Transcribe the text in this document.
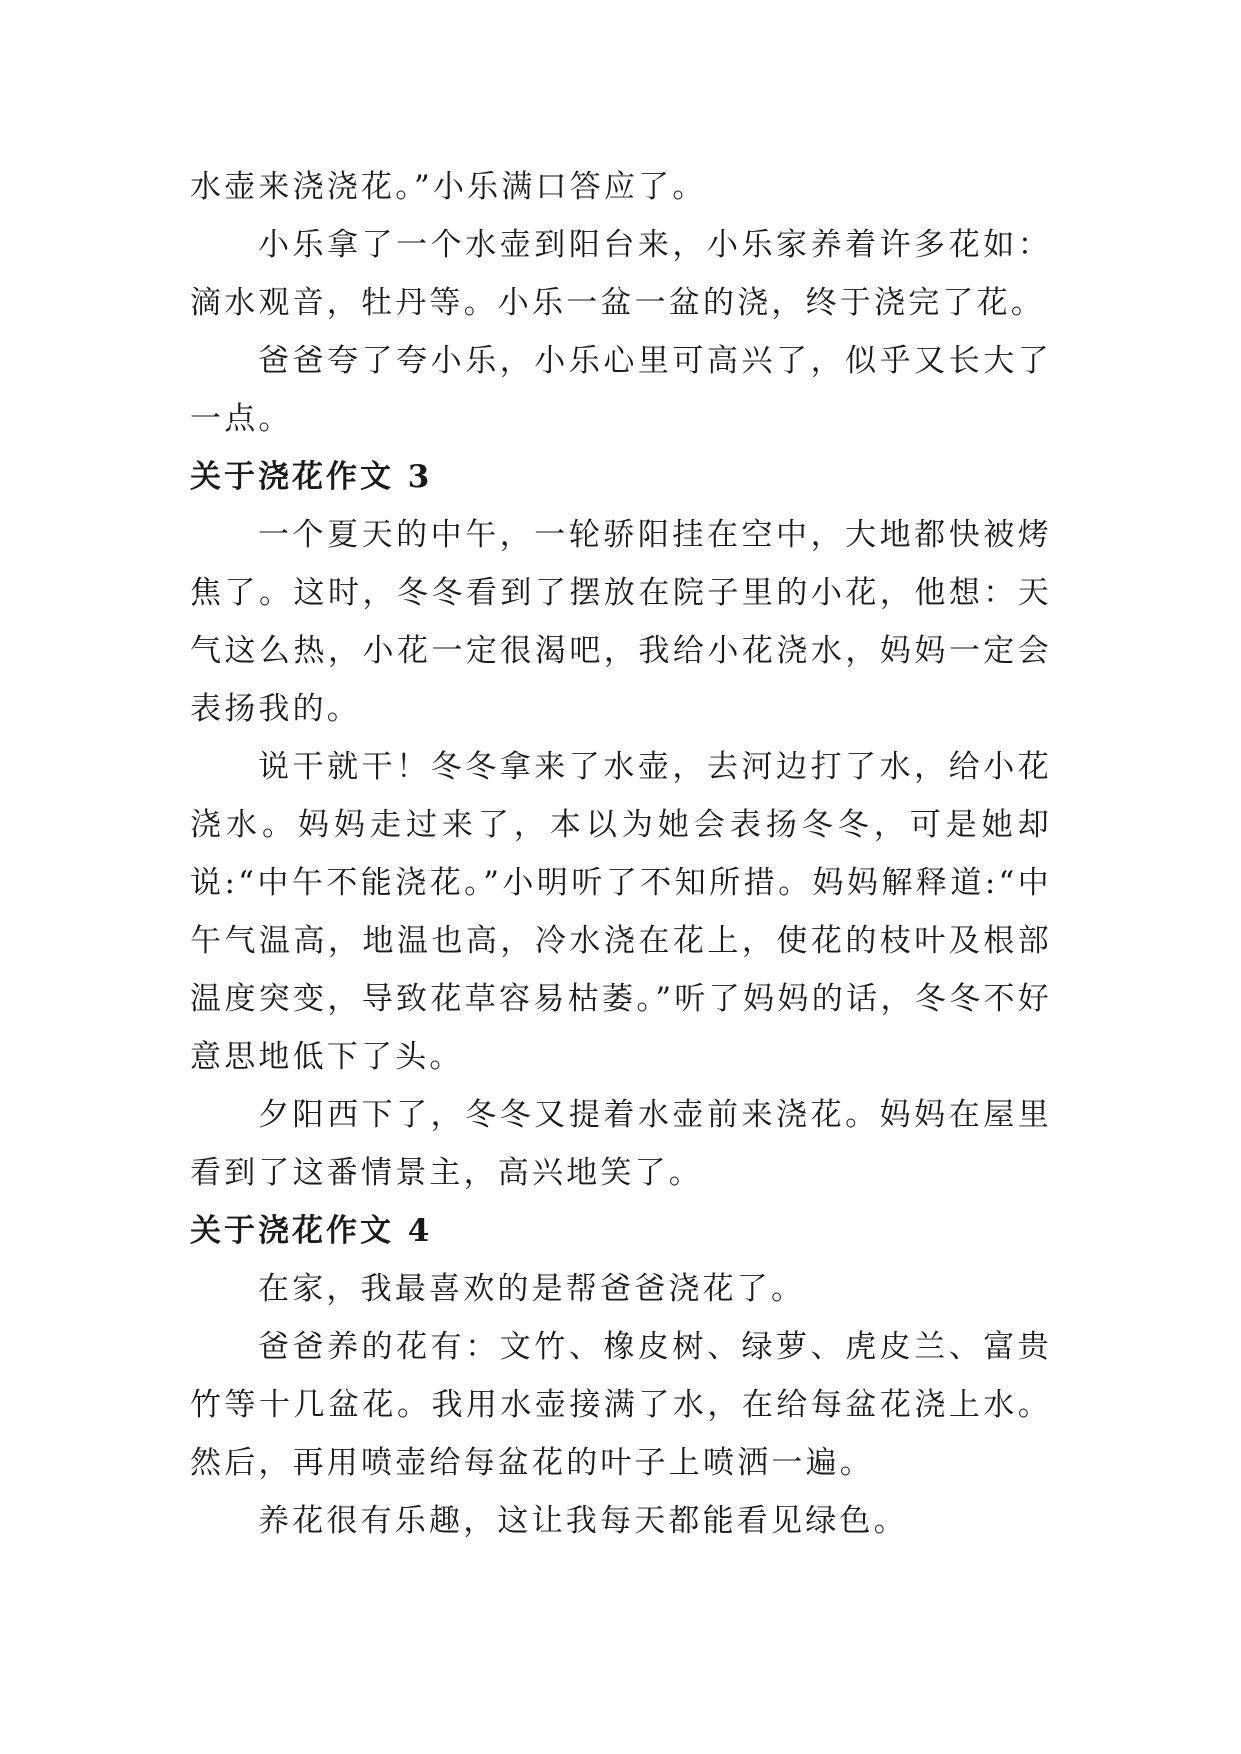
水壶来浇浇花。”小乐满口答应了。

小乐拿了一个水壶到阳台来，小乐家养着许多花如：滴水观音，牡丹等。小乐一盆一盆的浇，终于浇完了花。

爸爸夸了夸小乐，小乐心里可高兴了，似乎又长大了一点。

关于浇花作文 3

一个夏天的中午，一轮骄阳挂在空中，大地都快被烤焦了。这时，冬冬看到了摆放在院子里的小花，他想：天气这么热，小花一定很渴吧，我给小花浇水，妈妈一定会表扬我的。

说干就干！冬冬拿来了水壶，去河边打了水，给小花浇水。妈妈走过来了，本以为她会表扬冬冬，可是她却说:“中午不能浇花。”小明听了不知所措。妈妈解释道:“中午气温高，地温也高，冷水浇在花上，使花的枝叶及根部温度突变，导致花草容易枯萎。”听了妈妈的话，冬冬不好意思地低下了头。

夕阳西下了，冬冬又提着水壶前来浇花。妈妈在屋里看到了这番情景主，高兴地笑了。

关于浇花作文 4

在家，我最喜欢的是帮爸爸浇花了。

爸爸养的花有：文竹、橡皮树、绿萝、虎皮兰、富贵竹等十几盆花。我用水壶接满了水，在给每盆花浇上水。然后，再用喷壶给每盆花的叶子上喷洒一遍。

养花很有乐趣，这让我每天都能看见绿色。
